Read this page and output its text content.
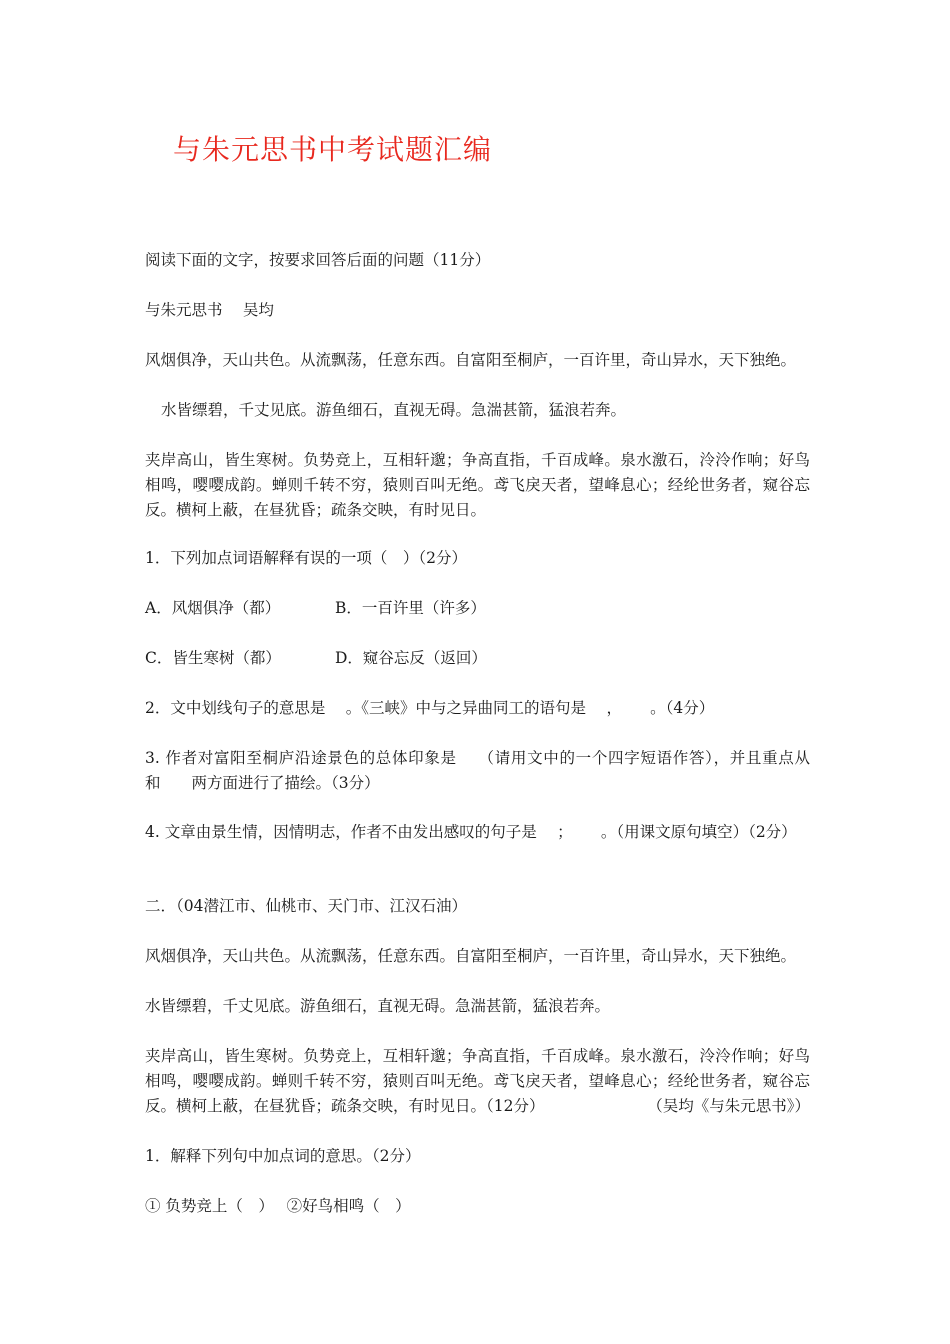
与朱元思书中考试题汇编
阅读下面的文字，按要求回答后面的问题（11分）
与朱元思书　 吴均
风烟俱净，天山共色。从流飘荡，任意东西。自富阳至桐庐，一百许里，奇山异水，天下独绝。
水皆缥碧，千丈见底。游鱼细石，直视无碍。急湍甚箭，猛浪若奔。
夹岸高山，皆生寒树。负势竞上，互相轩邈；争高直指，千百成峰。泉水激石，泠泠作响；好鸟相鸣，嘤嘤成韵。蝉则千转不穷，猿则百叫无绝。鸢飞戾天者，望峰息心；经纶世务者，窥谷忘反。横柯上蔽，在昼犹昏；疏条交映，有时见日。
1．下列加点词语解释有误的一项（　）（2分）
A．风烟俱净（都）	B．一百许里（许多）
C．皆生寒树（都）	D．窥谷忘反（返回）
2．文中划线句子的意思是　 。《三峡》中与之异曲同工的语句是　 ，　　 。（4分）
3. 作者对富阳至桐庐沿途景色的总体印象是　 （请用文中的一个四字短语作答），并且重点从　　和　　两方面进行了描绘。（3分）
4. 文章由景生情，因情明志，作者不由发出感叹的句子是　 ；　　 。（用课文原句填空）（2分）
二．（04潜江市、仙桃市、天门市、江汉石油）
风烟俱净，天山共色。从流飘荡，任意东西。自富阳至桐庐，一百许里，奇山异水，天下独绝。
水皆缥碧，千丈见底。游鱼细石，直视无碍。急湍甚箭，猛浪若奔。
夹岸高山，皆生寒树。负势竞上，互相轩邈；争高直指，千百成峰。泉水激石，泠泠作响；好鸟相鸣，嘤嘤成韵。蝉则千转不穷，猿则百叫无绝。鸢飞戾天者，望峰息心；经纶世务者，窥谷忘反。横柯上蔽，在昼犹昏；疏条交映，有时见日。（12分）	（吴均《与朱元思书》）
1．解释下列句中加点词的意思。（2分）
① 负势竞上（　）　 ②好鸟相鸣（　）
